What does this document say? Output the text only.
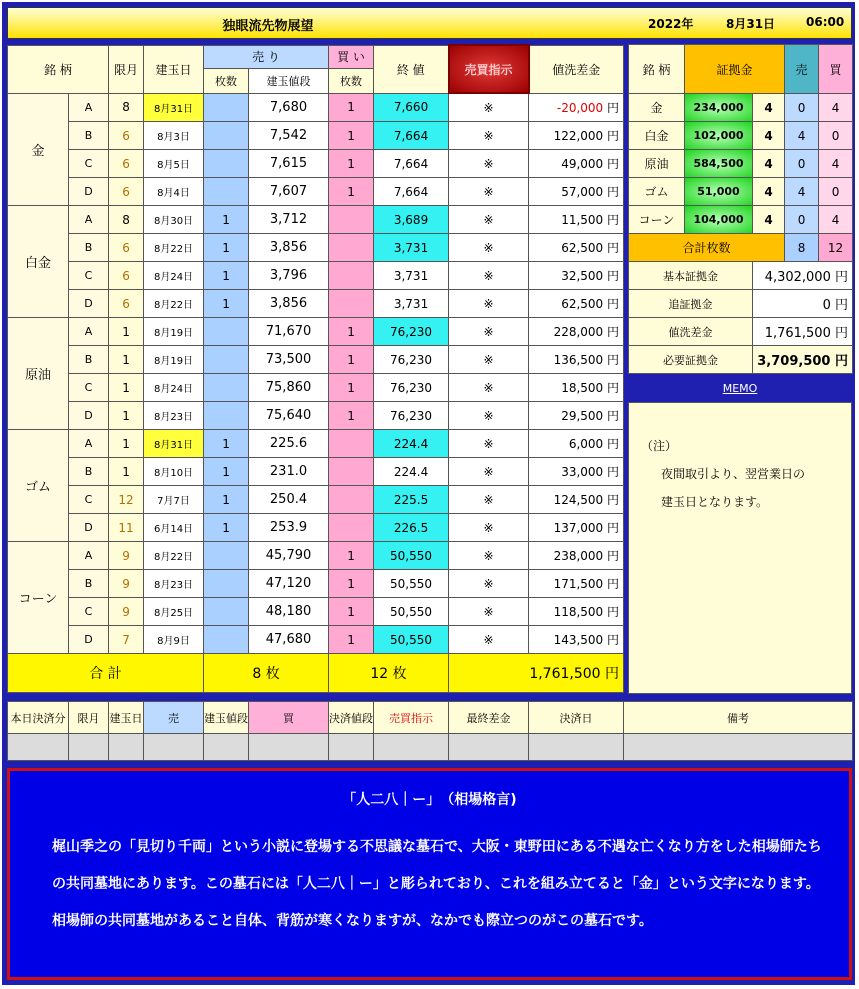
独眼流先物展望	2022年	8月31日	06:00
銘 柄		限月	建玉日	売 り		買 い	終 値	売買指示	値洗差金
				枚数	建玉値段	枚数			
金	A	8	8月31日		7,680	1	7,660	※	-20,000 円
	B	6	8月3日		7,542	1	7,664	※	122,000 円
	C	6	8月5日		7,615	1	7,664	※	49,000 円
	D	6	8月4日		7,607	1	7,664	※	57,000 円
白金	A	8	8月30日	1	3,712		3,689	※	11,500 円
	B	6	8月22日	1	3,856		3,731	※	62,500 円
	C	6	8月24日	1	3,796		3,731	※	32,500 円
	D	6	8月22日	1	3,856		3,731	※	62,500 円
原油	A	1	8月19日		71,670	1	76,230	※	228,000 円
	B	1	8月19日		73,500	1	76,230	※	136,500 円
	C	1	8月24日		75,860	1	76,230	※	18,500 円
	D	1	8月23日		75,640	1	76,230	※	29,500 円
ゴム	A	1	8月31日	1	225.6		224.4	※	6,000 円
	B	1	8月10日	1	231.0		224.4	※	33,000 円
	C	12	7月7日	1	250.4		225.5	※	124,500 円
	D	11	6月14日	1	253.9		226.5	※	137,000 円
コーン	A	9	8月22日		45,790	1	50,550	※	238,000 円
	B	9	8月23日		47,120	1	50,550	※	171,500 円
	C	9	8月25日		48,180	1	50,550	※	118,500 円
	D	7	8月9日		47,680	1	50,550	※	143,500 円
合 計				8 枚		12 枚		1,761,500 円	
銘 柄	証拠金		売	買
金	234,000	4	0	4
白金	102,000	4	4	0
原油	584,500	4	0	4
ゴム	51,000	4	4	0
コーン	104,000	4	0	4
合計枚数			8	12
基本証拠金		4,302,000 円		
追証拠金		0 円		
値洗差金		1,761,500 円		
必要証拠金		3,709,500 円		
MEMO

（注）

夜間取引より、翌営業日の

建玉日となります。

本日決済分	限月	建玉日	売	建玉値段	買	決済値段	売買指示	最終差金	決済日	備考

「人二八｜ー」　（相場格言)
梶山季之の「見切り千両」という小説に登場する不思議な墓石で、大阪・東野田にある不遇な亡くなり方をした相場師たちの共同墓地にあります。この墓石には「人二八｜ー」と彫られており、これを組み立てると「金」という文字になります。相場師の共同墓地があること自体、背筋が寒くなりますが、なかでも際立つのがこの墓石です。
